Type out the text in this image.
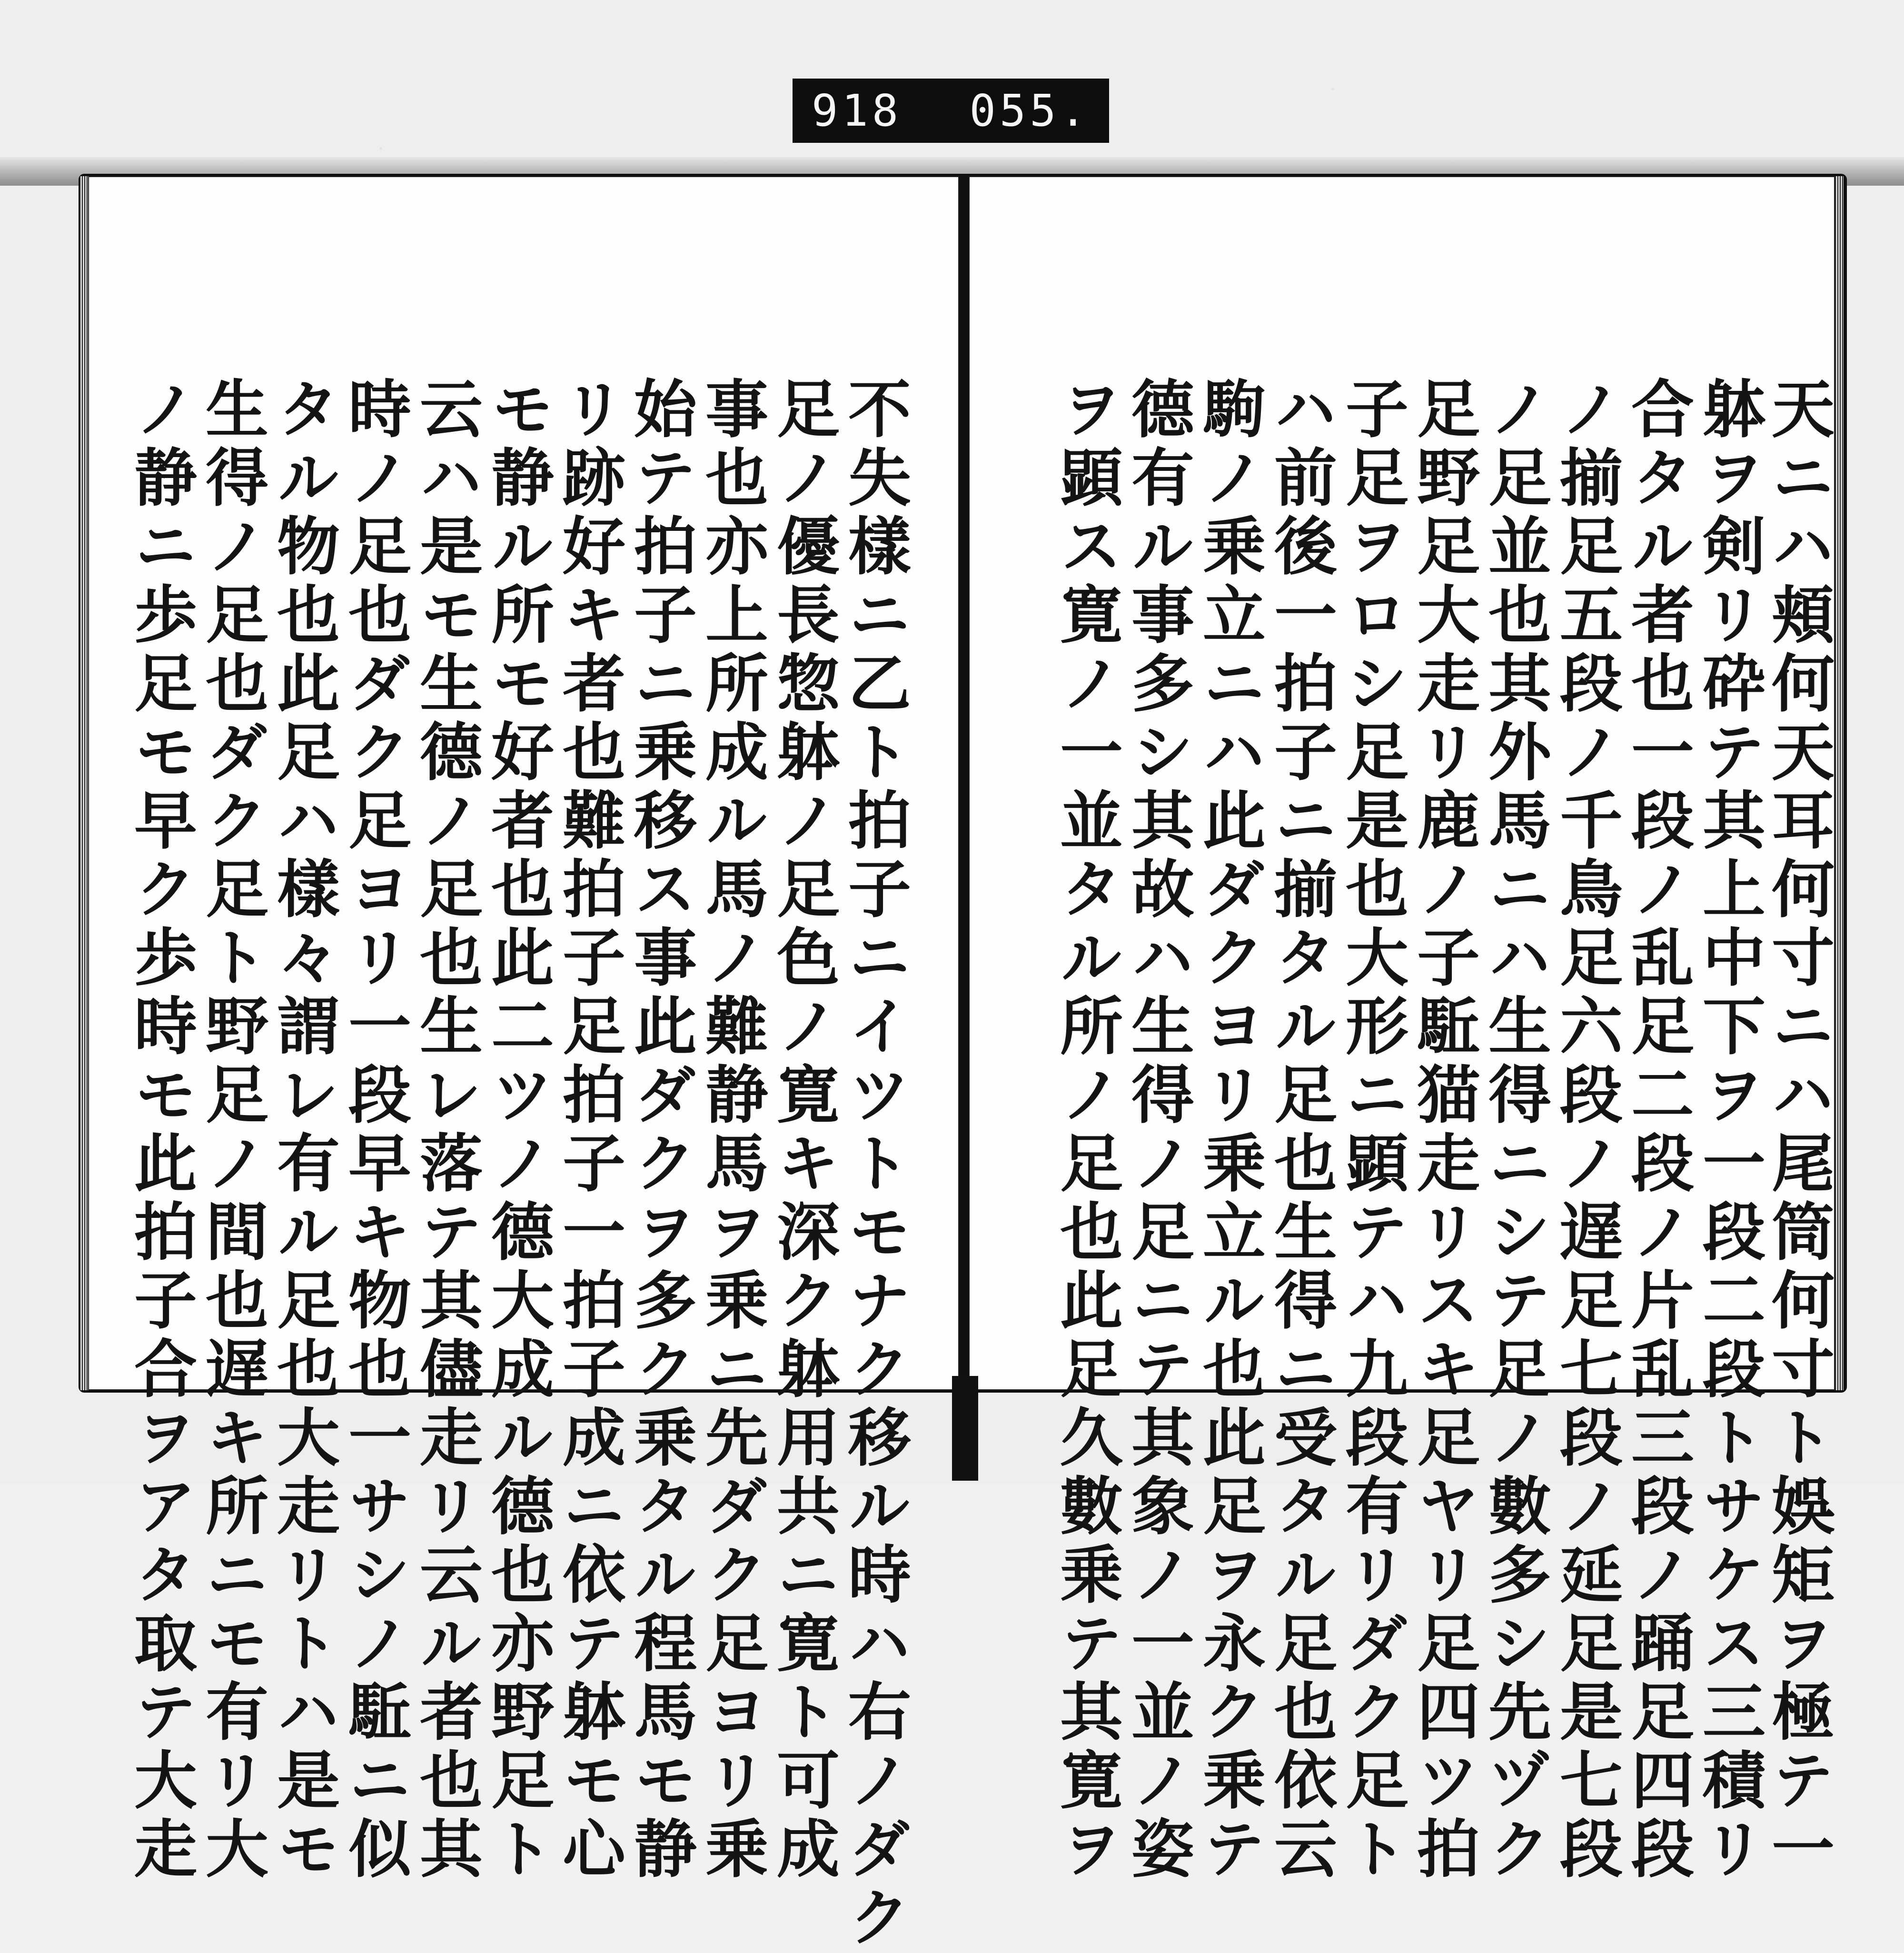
918 055.
天ニハ頬何天耳何寸ニハ尾筒何寸ト娛矩ヲ極テ一
躰ヲ剣リ砕テ其上中下ヲ一段二段トサケス三積リ
合タル者也一段ノ乱足二段ノ片乱三段ノ踊足四段
ノ揃足五段ノ千鳥足六段ノ遅足七段ノ延足是七段
ノ足並也其外馬ニハ生得ニシテ足ノ數多シ先ヅク
足野足大走リ鹿ノ子駈猫走リスキ足ヤリ足四ツ拍
子足ヲロシ足是也大形ニ顕テハ九段有リダク足ト
ハ前後一拍子ニ揃タル足也生得ニ受タル足也依云
駒ノ乗立ニハ此ダクヨリ乗立ル也此足ヲ永ク乗テ
德有ル事多シ其故ハ生得ノ足ニテ其象ノ一並ノ姿
ヲ顕ス寛ノ一並タル所ノ足也此足久數乗テ其寛ヲ
不失樣ニ乙ト拍子ニイツトモナク移ル時ハ右ノダク
足ノ優長惣躰ノ足色ノ寛キ深ク躰用共ニ寛ト可成
事也亦上所成ル馬ノ難静馬ヲ乗ニ先ダク足ヨリ乗
始テ拍子ニ乗移ス事此ダクヲ多ク乗タル程馬モ静
リ跡好キ者也難拍子足拍子一拍子成ニ依テ躰モ心
モ静ル所モ好者也此二ツノ德大成ル德也亦野足ト
云ハ是モ生德ノ足也生レ落テ其儘走リ云ル者也其
時ノ足也ダク足ヨリ一段早キ物也一サシノ駈ニ似
タル物也此足ハ樣々謂レ有ル足也大走リトハ是モ
生得ノ足也ダク足ト野足ノ間也遅キ所ニモ有リ大
ノ静ニ歩足モ早ク歩時モ此拍子合ヲアタ取テ大走
